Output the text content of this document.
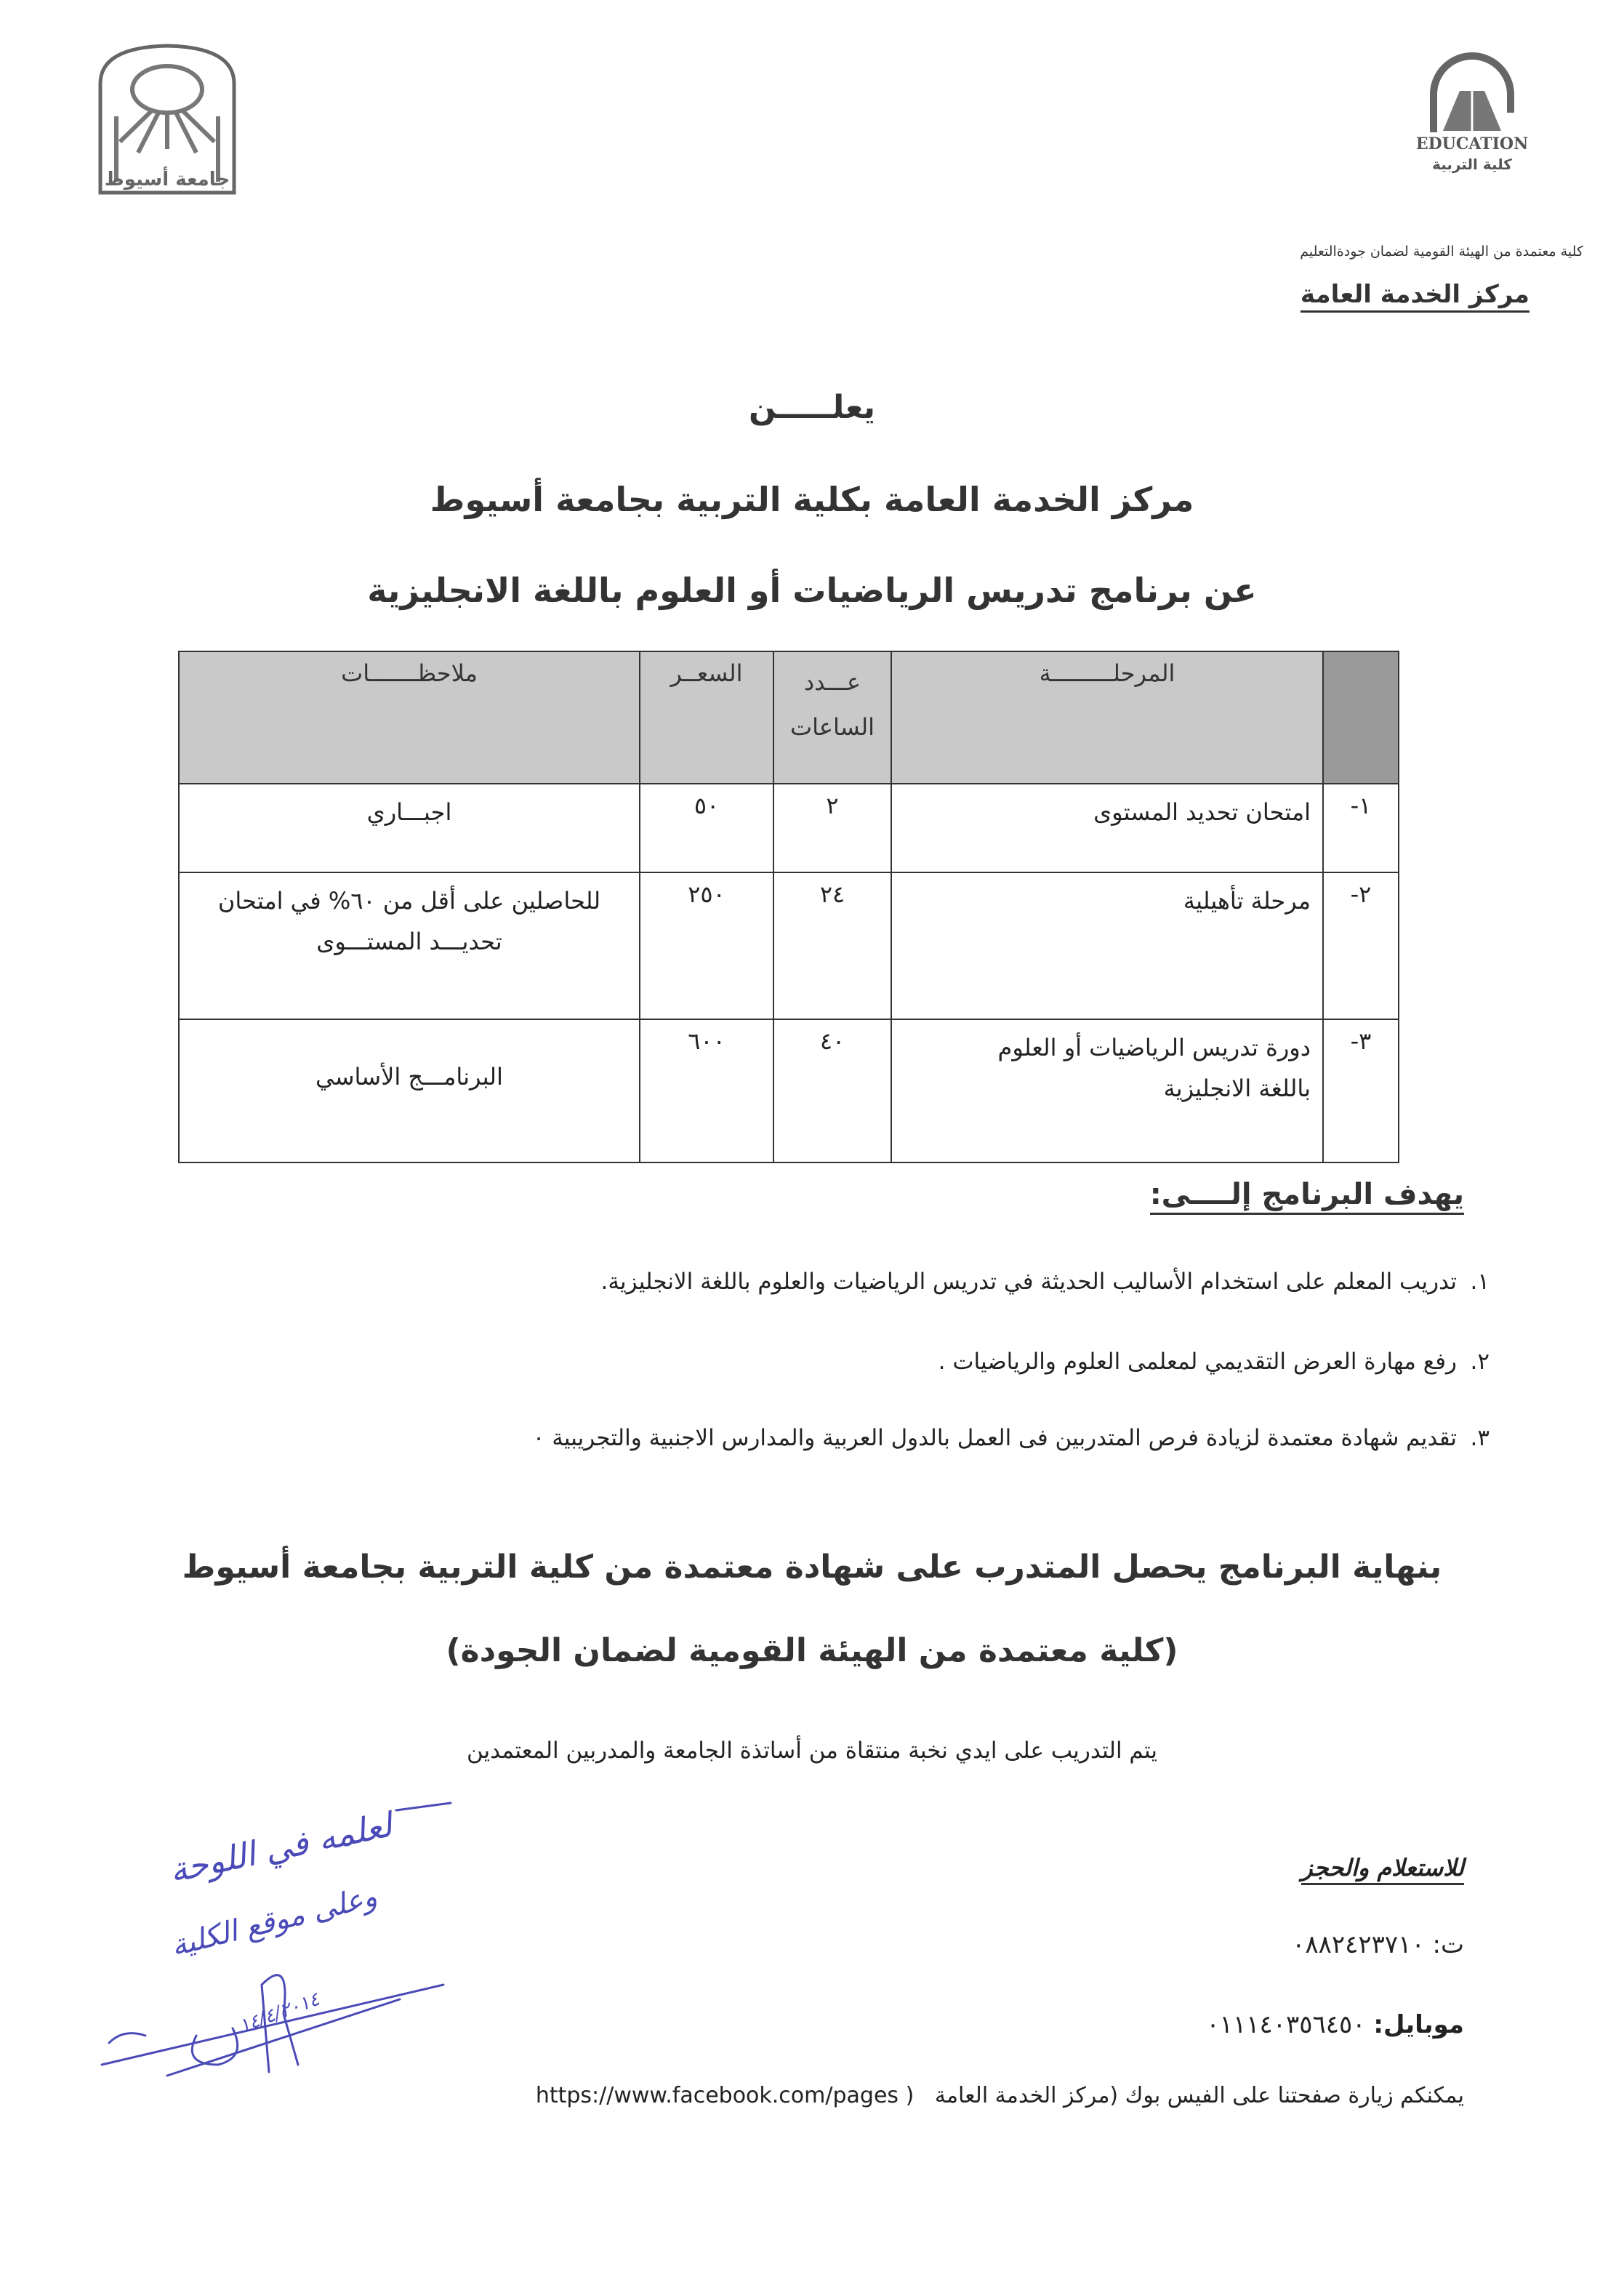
EDUCATION
كلية التربية
جامعة أسيوط
كلية معتمدة من الهيئة القومية لضمان جودةالتعليم
مركز الخدمة العامة
يعلـــــن
مركز الخدمة العامة بكلية التربية بجامعة أسيوط
عن برنامج تدريس الرياضيات أو العلوم باللغة الانجليزية
	المرحلـــــــــة	عـــدد الساعات	السعــر	ملاحظـــــــات
١-	امتحان تحديد المستوى	٢	٥٠	اجبـــاري

٢-	مرحلة تأهيلية	٢٤	٢٥٠	للحاصلين على أقل من ٦٠% في امتحان
تحديـــد المستـــوى

٣-	دورة تدريس الرياضيات أو العلوم
باللغة الانجليزية	٤٠	٦٠٠	البرنامـــج الأساسي
يهدف البرنامج إلــــى:
١.
تدريب المعلم على استخدام الأساليب الحديثة في تدريس الرياضيات والعلوم باللغة الانجليزية.
٢.
رفع مهارة العرض التقديمي لمعلمى العلوم والرياضيات .
٣.
تقديم شهادة معتمدة لزيادة فرص المتدربين فى العمل بالدول العربية والمدارس الاجنبية والتجريبية ٠
بنهاية البرنامج يحصل المتدرب على شهادة معتمدة من كلية التربية بجامعة أسيوط
(كلية معتمدة من الهيئة القومية لضمان الجودة)
يتم التدريب على ايدي نخبة منتقاة من أساتذة الجامعة والمدربين المعتمدين
لعلمه في اللوحة
وعلى موقع الكلية
١٤/٤/٢٠١٤
للاستعلام والحجز
ت: ٠٨٨٢٤٢٣٧١٠
موبايل: ٠١١١٤٠٣٥٦٤٥٠
يمكنكم زيارة صفحتنا على الفيس بوك (مركز الخدمة العامة   https://www.facebook.com/pages )
